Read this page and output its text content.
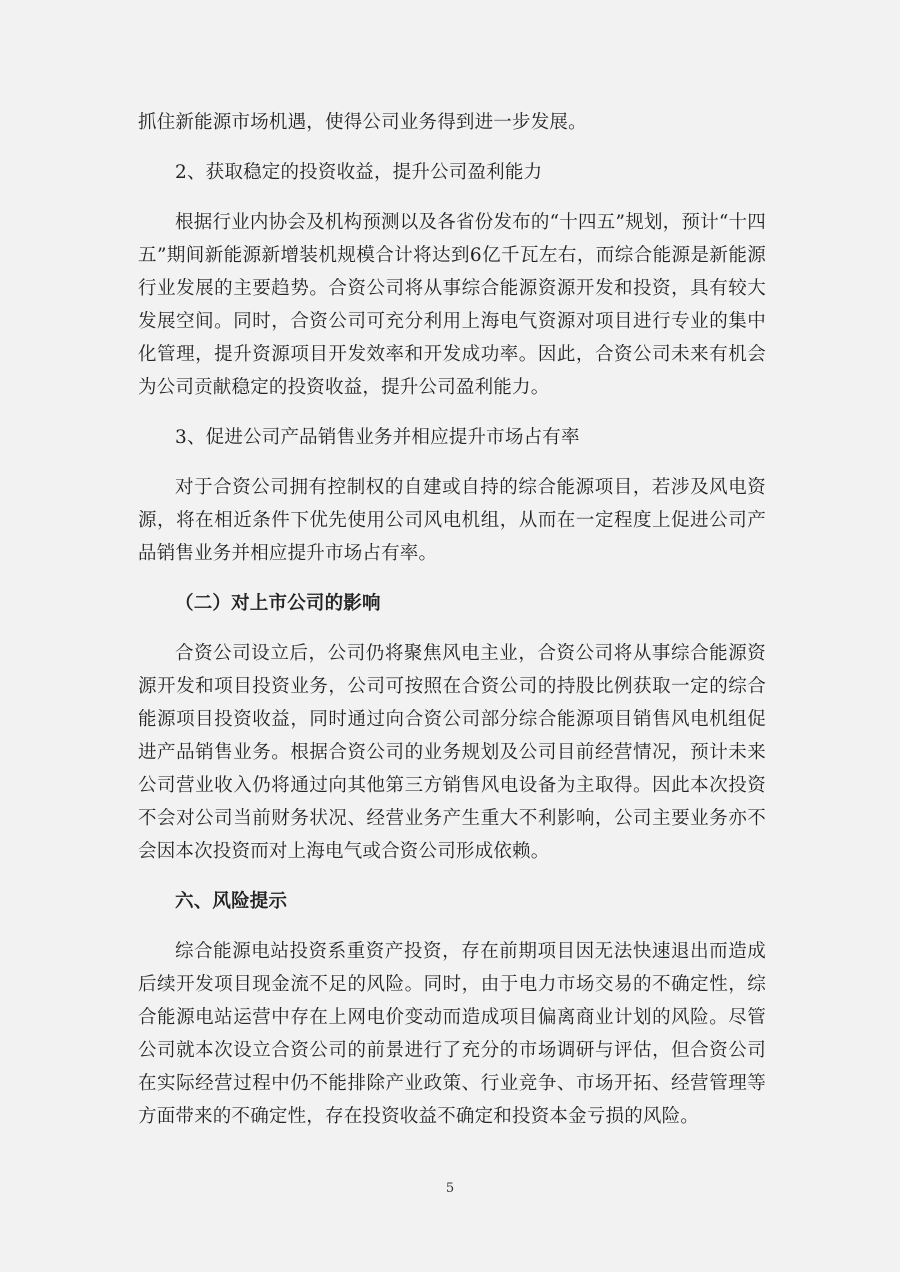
抓住新能源市场机遇，使得公司业务得到进一步发展。

2、获取稳定的投资收益，提升公司盈利能力

根据行业内协会及机构预测以及各省份发布的“十四五”规划，预计“十四五”期间新能源新增装机规模合计将达到6亿千瓦左右，而综合能源是新能源行业发展的主要趋势。合资公司将从事综合能源资源开发和投资，具有较大发展空间。同时，合资公司可充分利用上海电气资源对项目进行专业的集中化管理，提升资源项目开发效率和开发成功率。因此，合资公司未来有机会为公司贡献稳定的投资收益，提升公司盈利能力。

3、促进公司产品销售业务并相应提升市场占有率

对于合资公司拥有控制权的自建或自持的综合能源项目，若涉及风电资源，将在相近条件下优先使用公司风电机组，从而在一定程度上促进公司产品销售业务并相应提升市场占有率。

（二）对上市公司的影响

合资公司设立后，公司仍将聚焦风电主业，合资公司将从事综合能源资源开发和项目投资业务，公司可按照在合资公司的持股比例获取一定的综合能源项目投资收益，同时通过向合资公司部分综合能源项目销售风电机组促进产品销售业务。根据合资公司的业务规划及公司目前经营情况，预计未来公司营业收入仍将通过向其他第三方销售风电设备为主取得。因此本次投资不会对公司当前财务状况、经营业务产生重大不利影响，公司主要业务亦不会因本次投资而对上海电气或合资公司形成依赖。

六、风险提示

综合能源电站投资系重资产投资，存在前期项目因无法快速退出而造成后续开发项目现金流不足的风险。同时，由于电力市场交易的不确定性，综合能源电站运营中存在上网电价变动而造成项目偏离商业计划的风险。尽管公司就本次设立合资公司的前景进行了充分的市场调研与评估，但合资公司在实际经营过程中仍不能排除产业政策、行业竞争、市场开拓、经营管理等方面带来的不确定性，存在投资收益不确定和投资本金亏损的风险。

5
